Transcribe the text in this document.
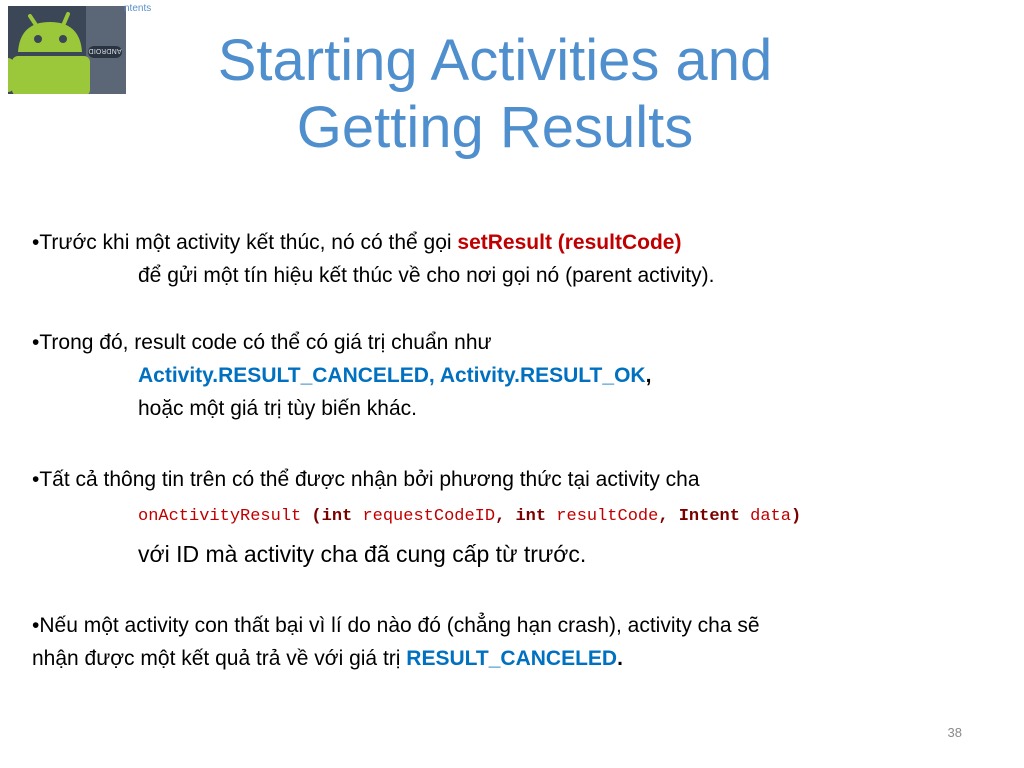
ANDROID
ntents
Starting Activities and
Getting Results
•Trước khi một activity kết thúc, nó có thể gọi setResult (resultCode)
để gửi một tín hiệu kết thúc về cho nơi gọi nó (parent activity).
•Trong đó, result code có thể có giá trị chuẩn như
Activity.RESULT_CANCELED, Activity.RESULT_OK,
hoặc một giá trị tùy biến khác.
•Tất cả thông tin trên có thể được nhận bởi phương thức tại activity cha
onActivityResult (int requestCodeID, int resultCode, Intent data)
với ID mà activity cha đã cung cấp từ trước.
•Nếu một activity con thất bại vì lí do nào đó (chẳng hạn crash), activity cha sẽ
nhận được một kết quả trả về với giá trị RESULT_CANCELED.
38
